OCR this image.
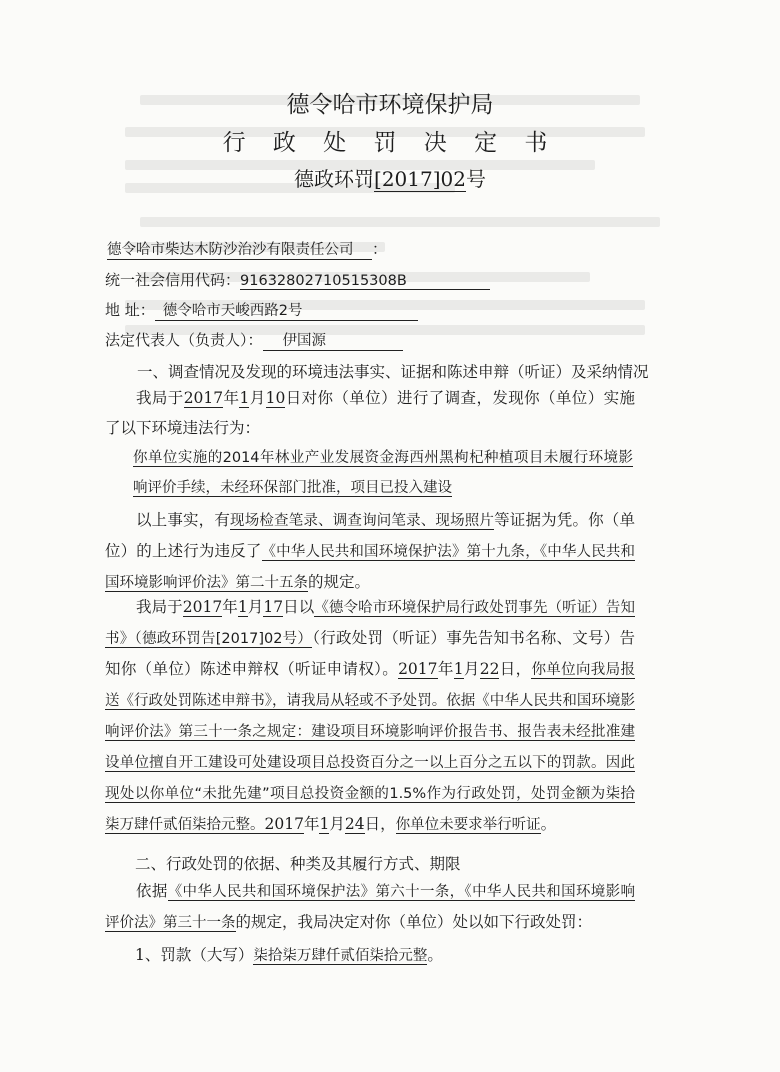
德令哈市环境保护局
行 政 处 罚 决 定 书
德政环罚[2017]02号
德令哈市柴达木防沙治沙有限责任公司 ：
统一社会信用代码：91632802710515308B
地 址： 德令哈市天峻西路2号
法定代表人（负责人）： 伊国源
一、调查情况及发现的环境违法事实、证据和陈述申辩（听证）及采纳情况
我局于2017年1月10日对你（单位）进行了调查，发现你（单位）实施了以下环境违法行为：
你单位实施的2014年林业产业发展资金海西州黑枸杞种植项目未履行环境影响评价手续，未经环保部门批准，项目已投入建设
以上事实，有现场检查笔录、调查询问笔录、现场照片等证据为凭。你（单位）的上述行为违反了《中华人民共和国环境保护法》第十九条，《中华人民共和国环境影响评价法》第二十五条的规定。
我局于2017年1月17日以《德令哈市环境保护局行政处罚事先（听证）告知书》（德政环罚告[2017]02号）（行政处罚（听证）事先告知书名称、文号）告知你（单位）陈述申辩权（听证申请权）。2017年1月22日，你单位向我局报送《行政处罚陈述申辩书》，请我局从轻或不予处罚。依据《中华人民共和国环境影响评价法》第三十一条之规定：建设项目环境影响评价报告书、报告表未经批准建设单位擅自开工建设可处建设项目总投资百分之一以上百分之五以下的罚款。因此现处以你单位“未批先建”项目总投资金额的1.5%作为行政处罚，处罚金额为柒拾柒万肆仟贰佰柒拾元整。2017年1月24日，你单位未要求举行听证。
二、行政处罚的依据、种类及其履行方式、期限
依据《中华人民共和国环境保护法》第六十一条，《中华人民共和国环境影响评价法》第三十一条的规定，我局决定对你（单位）处以如下行政处罚：
1、罚款（大写）柒拾柒万肆仟贰佰柒拾元整。
